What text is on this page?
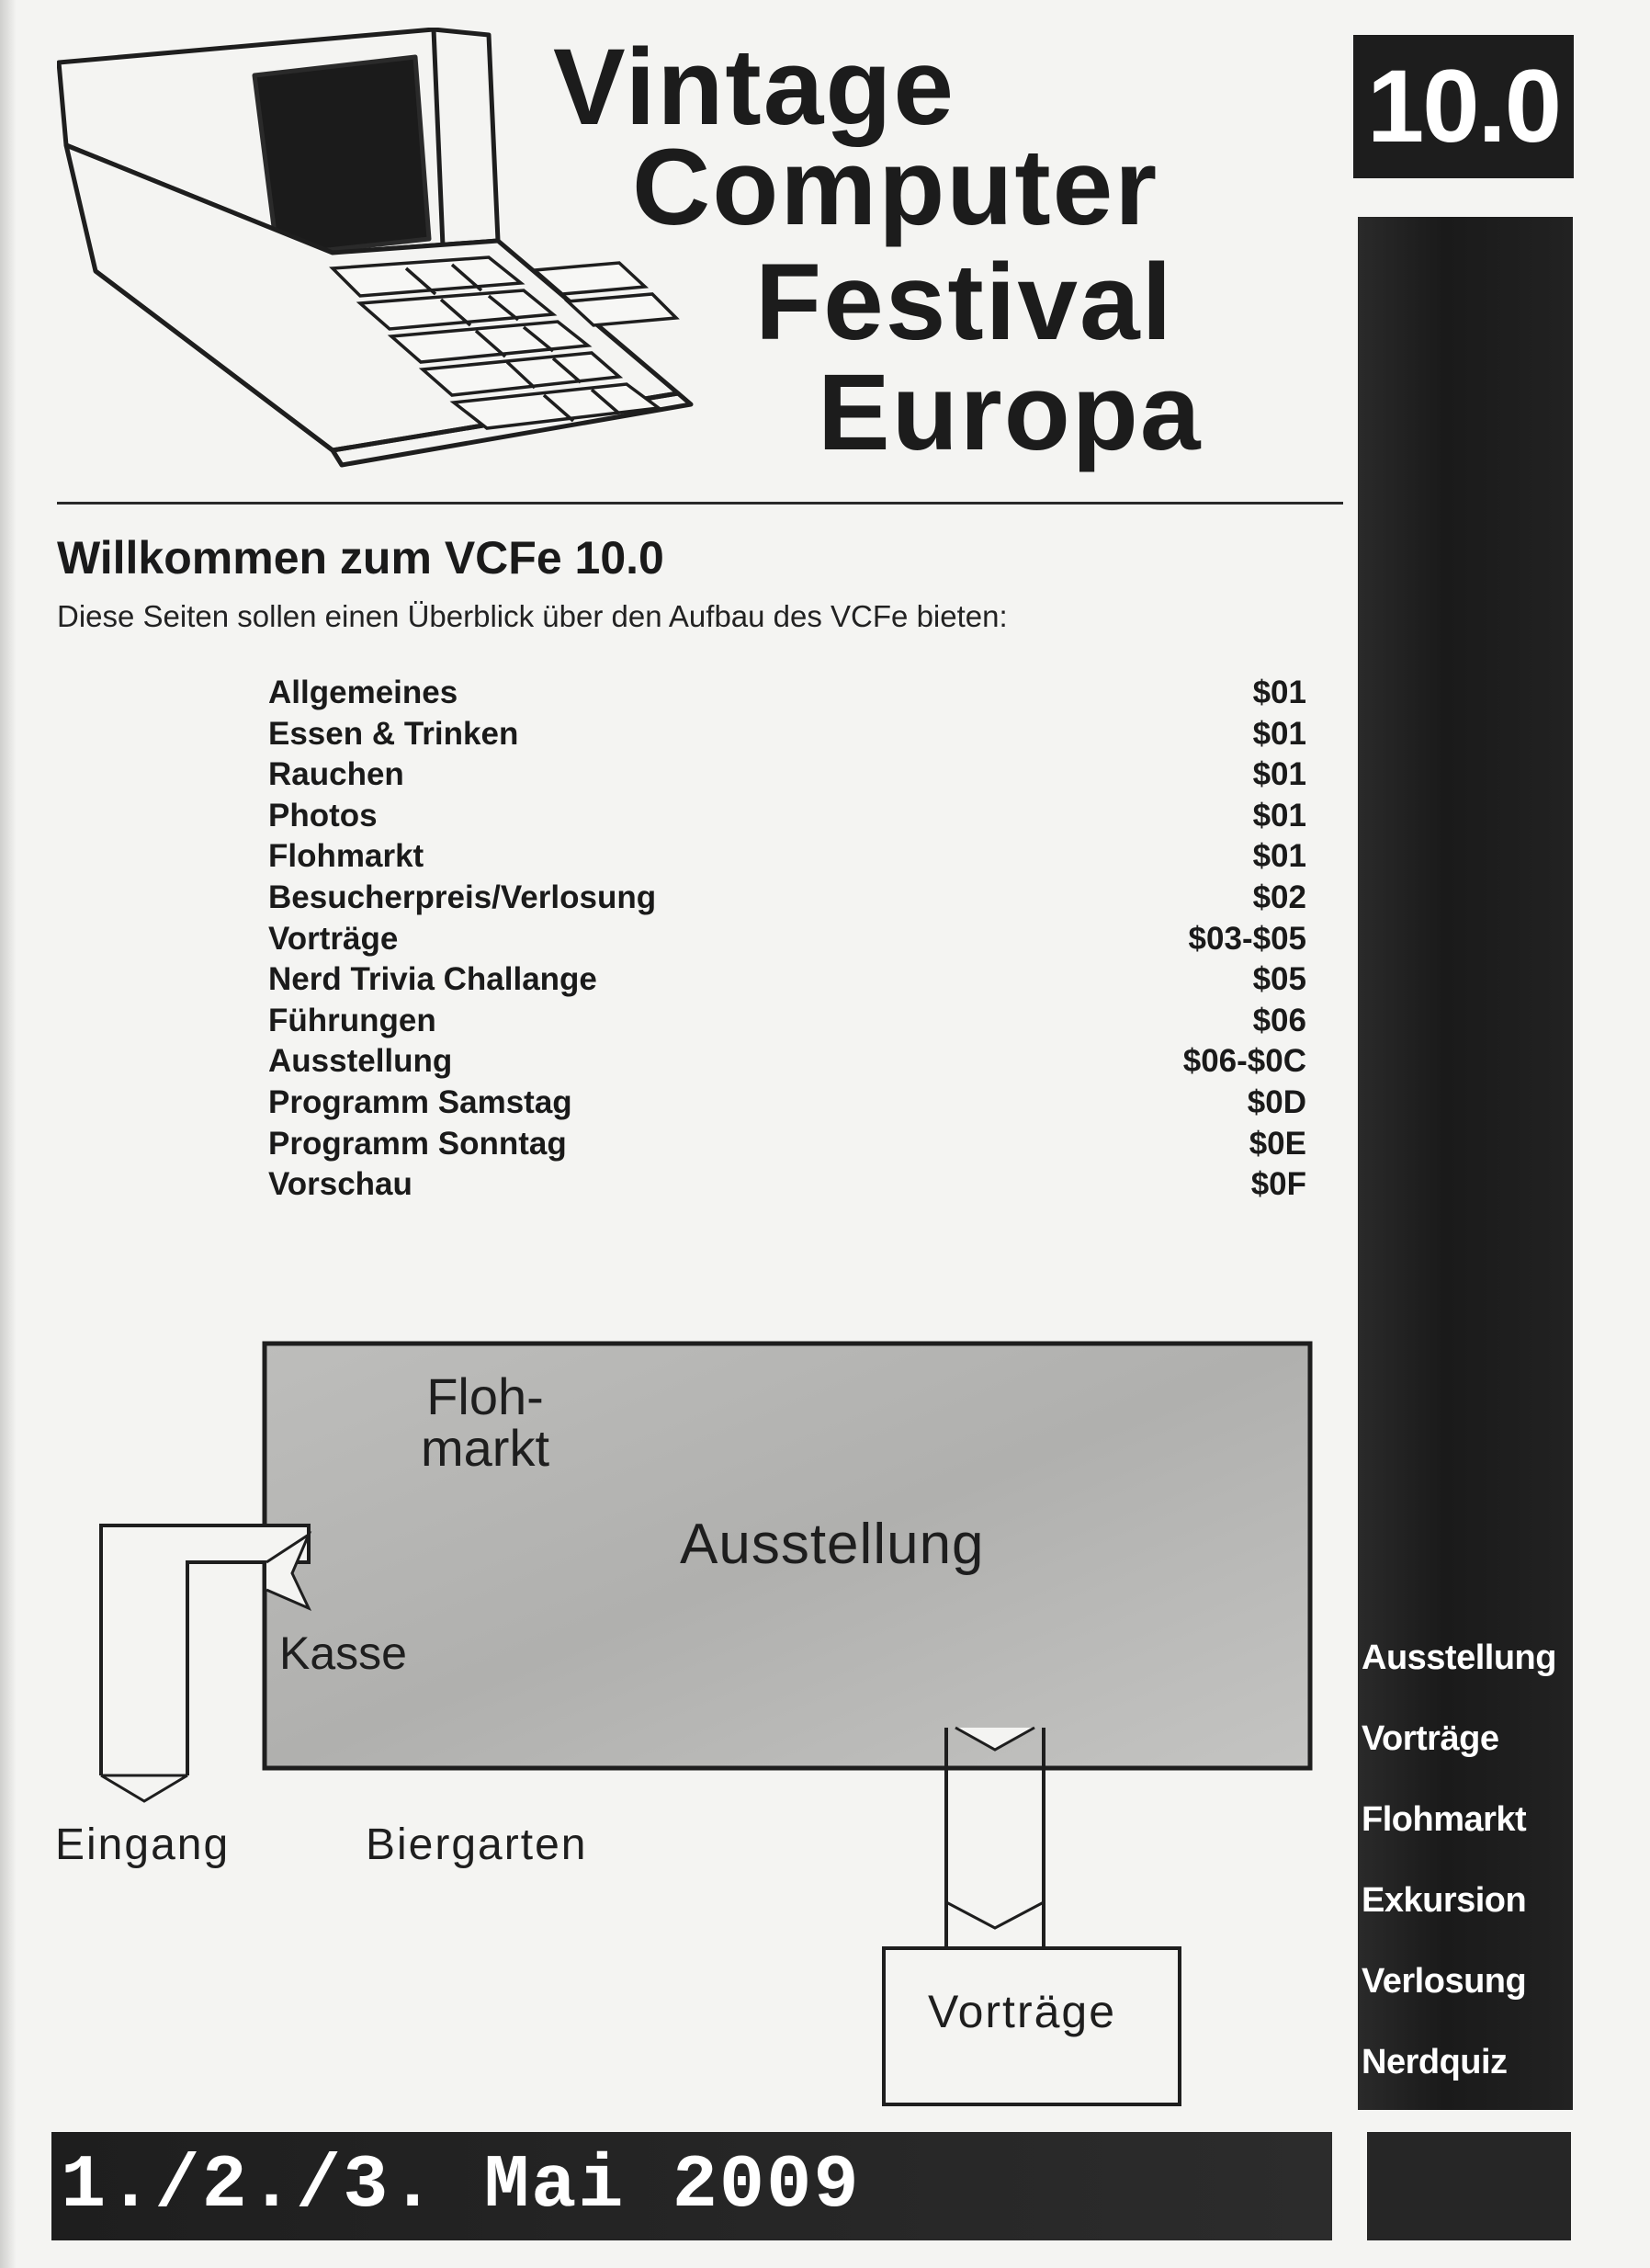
Vintage
Computer
Festival
Europa
10.0
Ausstellung
Vorträge
Flohmarkt
Exkursion
Verlosung
Nerdquiz
Willkommen zum VCFe 10.0
Diese Seiten sollen einen Überblick über den Aufbau des VCFe bieten:
Allgemeines	$01
Essen & Trinken	$01
Rauchen	$01
Photos	$01
Flohmarkt	$01
Besucherpreis/Verlosung	$02
Vorträge	$03-$05
Nerd Trivia Challange	$05
Führungen	$06
Ausstellung	$06-$0C
Programm Samstag	$0D
Programm Sonntag	$0E
Vorschau	$0F
Floh-
markt
Ausstellung
Kasse
Eingang	Biergarten
Vorträge
1./2./3. Mai 2009
